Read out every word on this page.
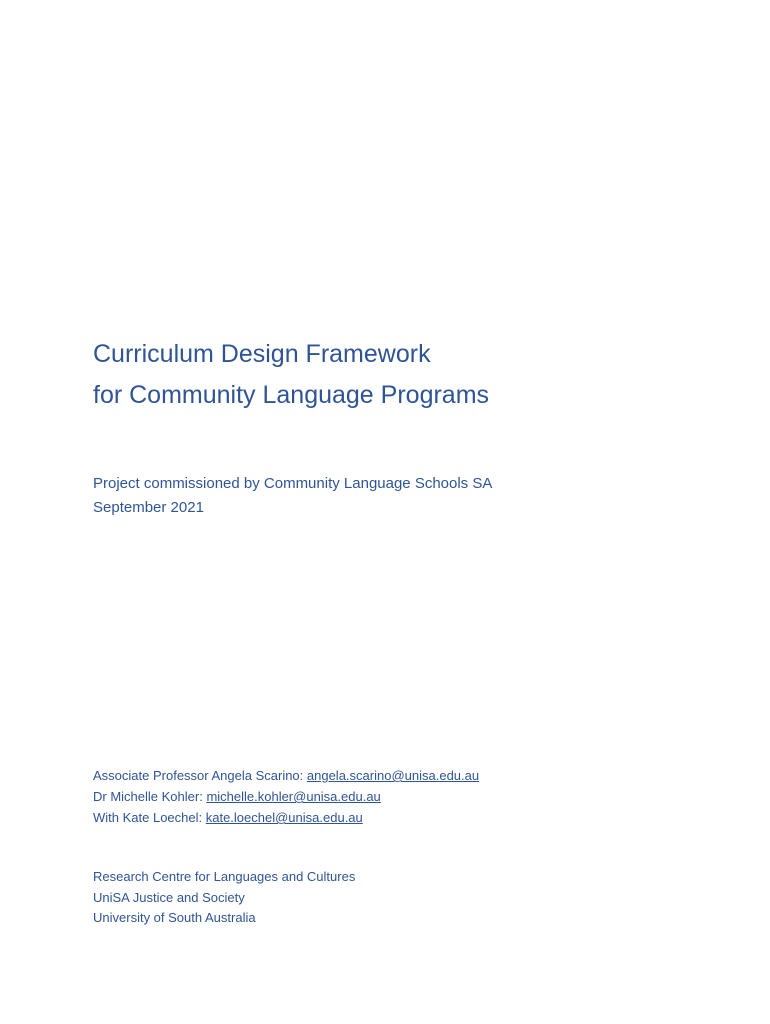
Curriculum Design Framework
for Community Language Programs
Project commissioned by Community Language Schools SA
September 2021
Associate Professor Angela Scarino: angela.scarino@unisa.edu.au
Dr Michelle Kohler: michelle.kohler@unisa.edu.au
With Kate Loechel: kate.loechel@unisa.edu.au
Research Centre for Languages and Cultures
UniSA Justice and Society
University of South Australia
